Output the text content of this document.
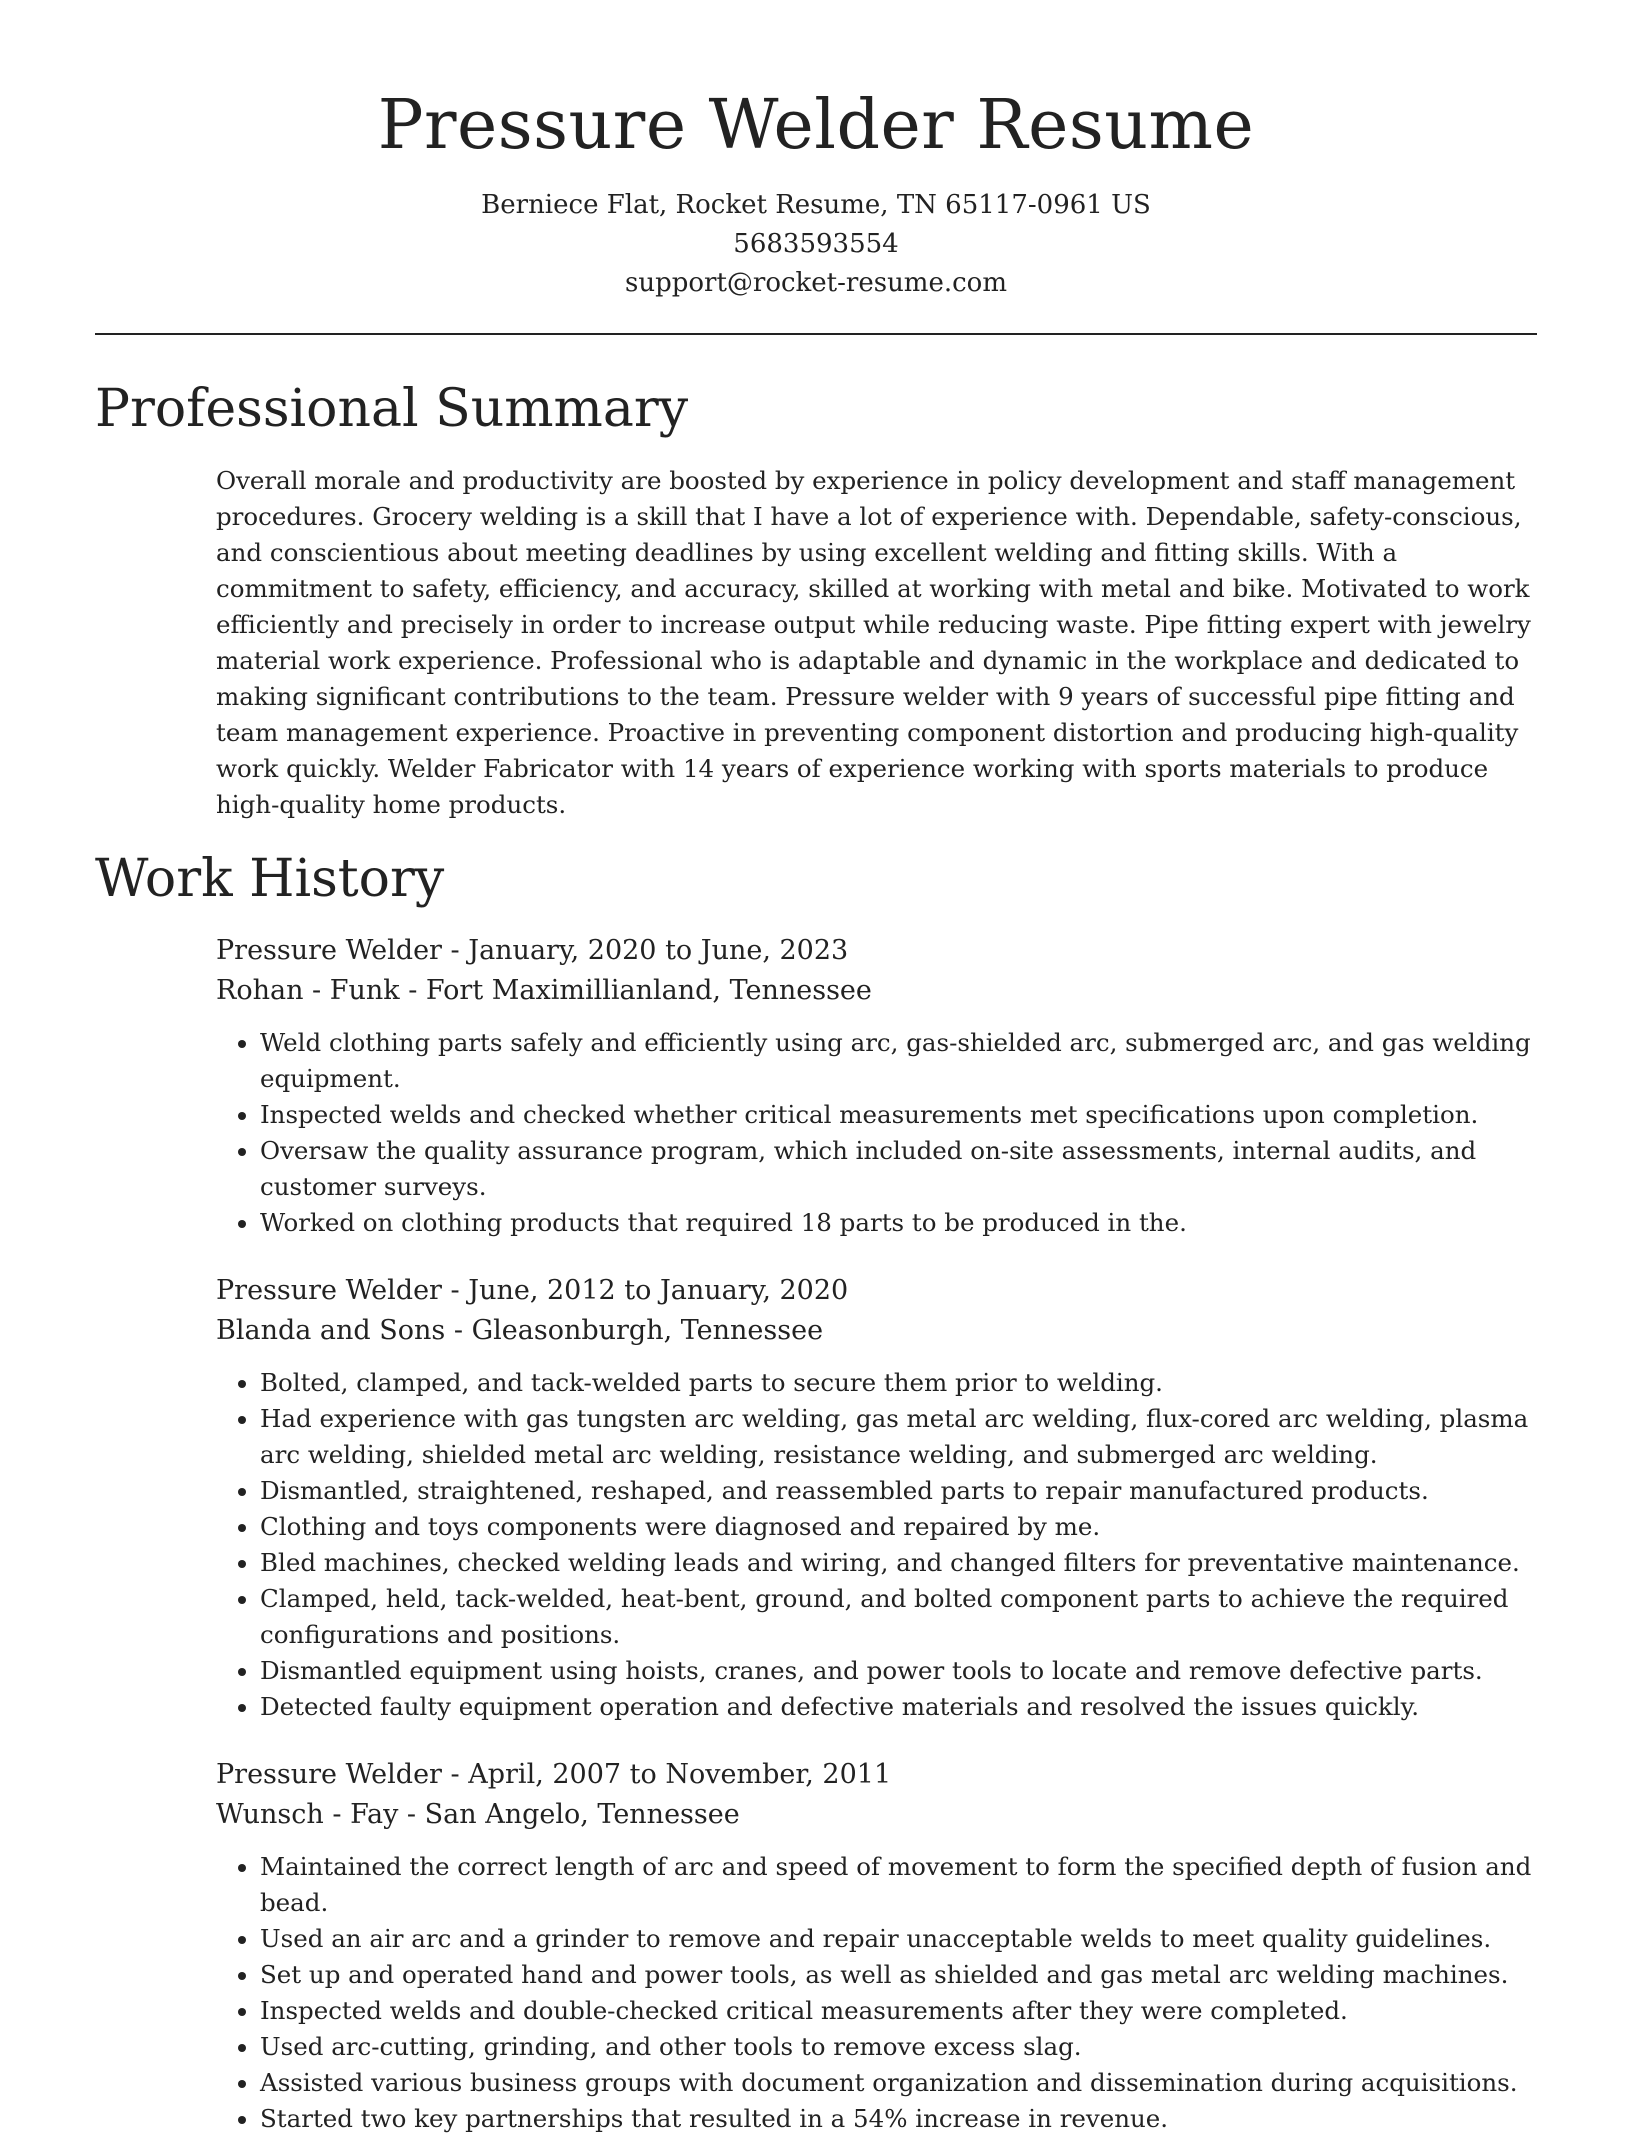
Pressure Welder Resume
Berniece Flat, Rocket Resume, TN 65117-0961 US
5683593554
support@rocket-resume.com
Professional Summary

Overall morale and productivity are boosted by experience in policy development and staff management procedures. Grocery welding is a skill that I have a lot of experience with. Dependable, safety-conscious, and conscientious about meeting deadlines by using excellent welding and fitting skills. With a commitment to safety, efficiency, and accuracy, skilled at working with metal and bike. Motivated to work efficiently and precisely in order to increase output while reducing waste. Pipe fitting expert with jewelry material work experience. Professional who is adaptable and dynamic in the workplace and dedicated to making significant contributions to the team. Pressure welder with 9 years of successful pipe fitting and team management experience. Proactive in preventing component distortion and producing high-quality work quickly. Welder Fabricator with 14 years of experience working with sports materials to produce high-quality home products.

Work History
Pressure Welder - January, 2020 to June, 2023
Rohan - Funk - Fort Maximillianland, Tennessee
• Weld clothing parts safely and efficiently using arc, gas-shielded arc, submerged arc, and gas welding equipment.
• Inspected welds and checked whether critical measurements met specifications upon completion.
• Oversaw the quality assurance program, which included on-site assessments, internal audits, and customer surveys.
• Worked on clothing products that required 18 parts to be produced in the.
Pressure Welder - June, 2012 to January, 2020
Blanda and Sons - Gleasonburgh, Tennessee
• Bolted, clamped, and tack-welded parts to secure them prior to welding.
• Had experience with gas tungsten arc welding, gas metal arc welding, flux-cored arc welding, plasma arc welding, shielded metal arc welding, resistance welding, and submerged arc welding.
• Dismantled, straightened, reshaped, and reassembled parts to repair manufactured products.
• Clothing and toys components were diagnosed and repaired by me.
• Bled machines, checked welding leads and wiring, and changed filters for preventative maintenance.
• Clamped, held, tack-welded, heat-bent, ground, and bolted component parts to achieve the required configurations and positions.
• Dismantled equipment using hoists, cranes, and power tools to locate and remove defective parts.
• Detected faulty equipment operation and defective materials and resolved the issues quickly.
Pressure Welder - April, 2007 to November, 2011
Wunsch - Fay - San Angelo, Tennessee
• Maintained the correct length of arc and speed of movement to form the specified depth of fusion and bead.
• Used an air arc and a grinder to remove and repair unacceptable welds to meet quality guidelines.
• Set up and operated hand and power tools, as well as shielded and gas metal arc welding machines.
• Inspected welds and double-checked critical measurements after they were completed.
• Used arc-cutting, grinding, and other tools to remove excess slag.
• Assisted various business groups with document organization and dissemination during acquisitions.
• Started two key partnerships that resulted in a 54% increase in revenue.
